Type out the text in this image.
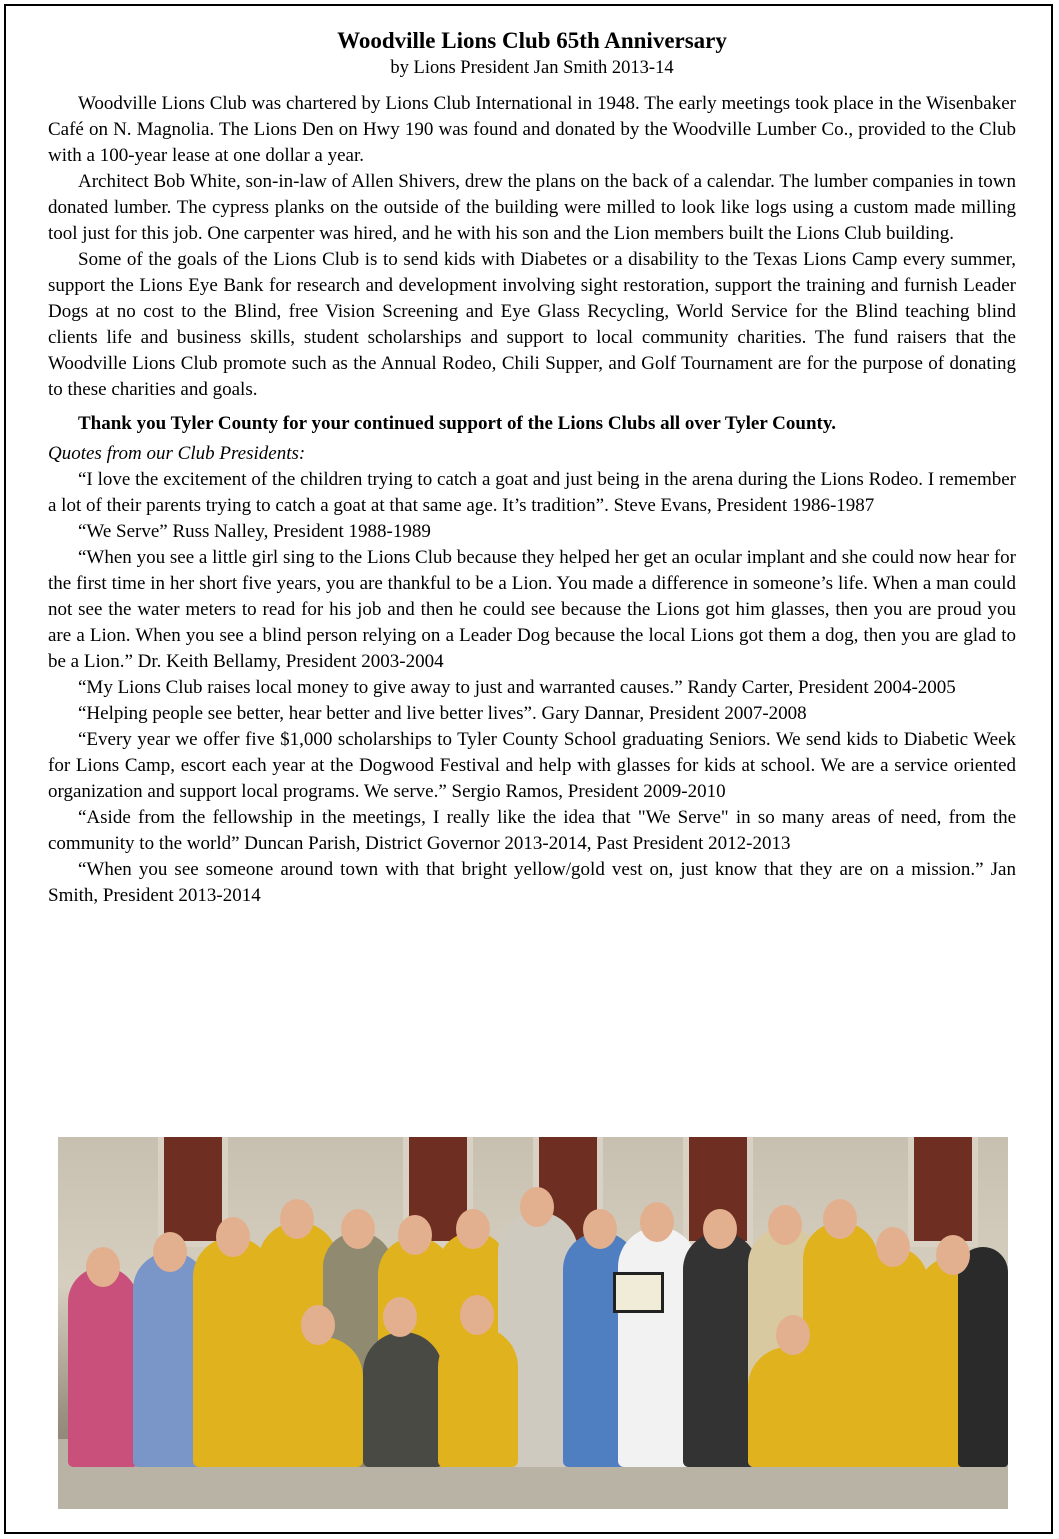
Woodville Lions Club 65th Anniversary
by Lions President Jan Smith 2013-14

Woodville Lions Club was chartered by Lions Club International in 1948. The early meetings took place in the Wisenbaker Café on N. Magnolia. The Lions Den on Hwy 190 was found and donated by the Woodville Lumber Co., provided to the Club with a 100-year lease at one dollar a year.

Architect Bob White, son-in-law of Allen Shivers, drew the plans on the back of a calendar. The lumber companies in town donated lumber. The cypress planks on the outside of the building were milled to look like logs using a custom made milling tool just for this job. One carpenter was hired, and he with his son and the Lion members built the Lions Club building.

Some of the goals of the Lions Club is to send kids with Diabetes or a disability to the Texas Lions Camp every summer, support the Lions Eye Bank for research and development involving sight restoration, support the training and furnish Leader Dogs at no cost to the Blind, free Vision Screening and Eye Glass Recycling, World Service for the Blind teaching blind clients life and business skills, student scholarships and support to local community charities. The fund raisers that the Woodville Lions Club promote such as the Annual Rodeo, Chili Supper, and Golf Tournament are for the purpose of donating to these charities and goals.

Thank you Tyler County for your continued support of the Lions Clubs all over Tyler County.

Quotes from our Club Presidents:

“I love the excitement of the children trying to catch a goat and just being in the arena during the Lions Rodeo. I remember a lot of their parents trying to catch a goat at that same age. It’s tradition”. Steve Evans, President 1986-1987

“We Serve” Russ Nalley, President 1988-1989

“When you see a little girl sing to the Lions Club because they helped her get an ocular implant and she could now hear for the first time in her short five years, you are thankful to be a Lion. You made a difference in someone’s life. When a man could not see the water meters to read for his job and then he could see because the Lions got him glasses, then you are proud you are a Lion. When you see a blind person relying on a Leader Dog because the local Lions got them a dog, then you are glad to be a Lion.” Dr. Keith Bellamy, President 2003-2004

“My Lions Club raises local money to give away to just and warranted causes.” Randy Carter, President 2004-2005

“Helping people see better, hear better and live better lives”. Gary Dannar, President 2007-2008

“Every year we offer five $1,000 scholarships to Tyler County School graduating Seniors. We send kids to Diabetic Week for Lions Camp, escort each year at the Dogwood Festival and help with glasses for kids at school. We are a service oriented organization and support local programs. We serve.” Sergio Ramos, President 2009-2010

“Aside from the fellowship in the meetings, I really like the idea that "We Serve" in so many areas of need, from the community to the world” Duncan Parish, District Governor 2013-2014, Past President 2012-2013

“When you see someone around town with that bright yellow/gold vest on, just know that they are on a mission.” Jan Smith, President 2013-2014
